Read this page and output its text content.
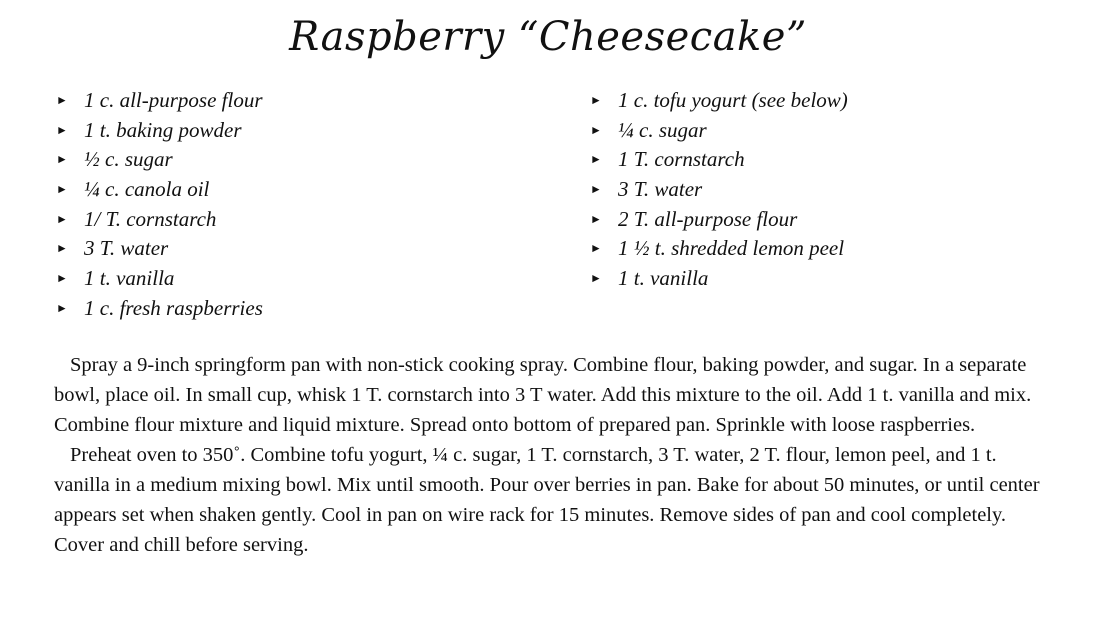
Raspberry “Cheesecake”
► 1 c. all-purpose flour
► 1 t. baking powder
► ½ c. sugar
► ¼ c. canola oil
► 1/ T. cornstarch
► 3 T. water
► 1 t. vanilla
► 1 c. fresh raspberries
► 1 c. tofu yogurt (see below)
► ¼ c. sugar
► 1 T. cornstarch
► 3 T. water
► 2 T. all-purpose flour
► 1 ½ t. shredded lemon peel
► 1 t. vanilla

Spray a 9-inch springform pan with non-stick cooking spray. Combine flour, baking powder, and sugar. In a separate bowl, place oil. In small cup, whisk 1 T. cornstarch into 3 T water. Add this mixture to the oil. Add 1 t. vanilla and mix. Combine flour mixture and liquid mixture. Spread onto bottom of prepared pan. Sprinkle with loose raspberries.

Preheat oven to 350˚. Combine tofu yogurt, ¼ c. sugar, 1 T. cornstarch, 3 T. water, 2 T. flour, lemon peel, and 1 t. vanilla in a medium mixing bowl. Mix until smooth. Pour over berries in pan. Bake for about 50 minutes, or until center appears set when shaken gently. Cool in pan on wire rack for 15 minutes. Remove sides of pan and cool completely. Cover and chill before serving.
